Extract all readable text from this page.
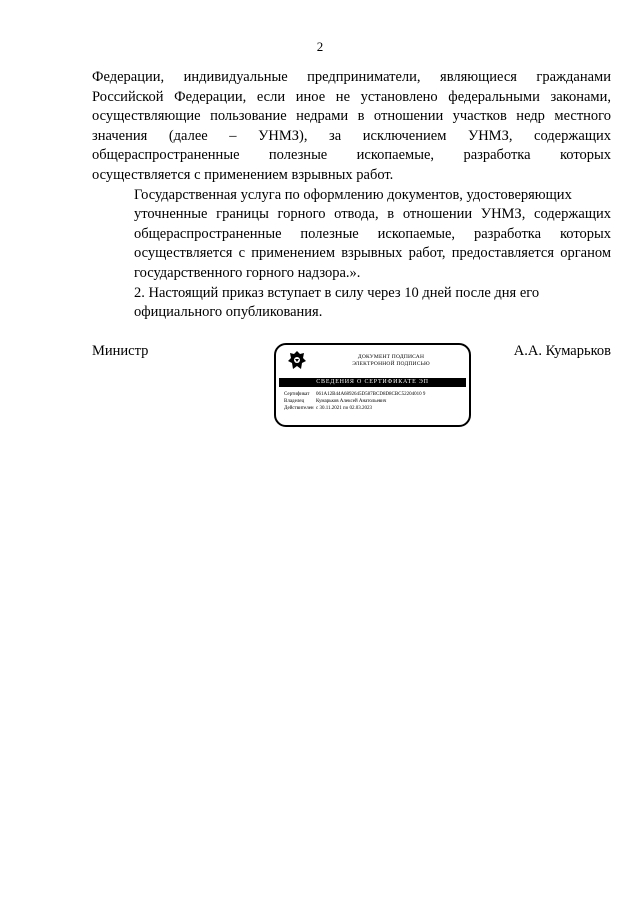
2

Федерации, индивидуальные предприниматели, являющиеся гражданами
Российской Федерации, если иное не установлено федеральными законами,
осуществляющие пользование недрами в отношении участков недр местного
значения (далее – УНМЗ), за исключением УНМЗ, содержащих
общераспространенные полезные ископаемые, разработка которых
осуществляется с применением взрывных работ.

Государственная услуга по оформлению документов, удостоверяющих
уточненные границы горного отвода, в отношении УНМЗ, содержащих
общераспространенные полезные ископаемые, разработка которых
осуществляется с применением взрывных работ, предоставляется органом
государственного горного надзора.».

2. Настоящий приказ вступает в силу через 10 дней после дня его
официального опубликования.

Министр	ДОКУМЕНТ ПОДПИСАН
ЭЛЕКТРОННОЙ ПОДПИСЬЮ
СВЕДЕНИЯ О СЕРТИФИКАТЕ ЭП
Сертификат	061A12B44A6892645D587BCD8D8CBC52204010 9
Владелец	Кумарьков Алексей Анатольевич
Действителен с 30.11.2021 по 02.03.2023
А.А. Кумарьков
